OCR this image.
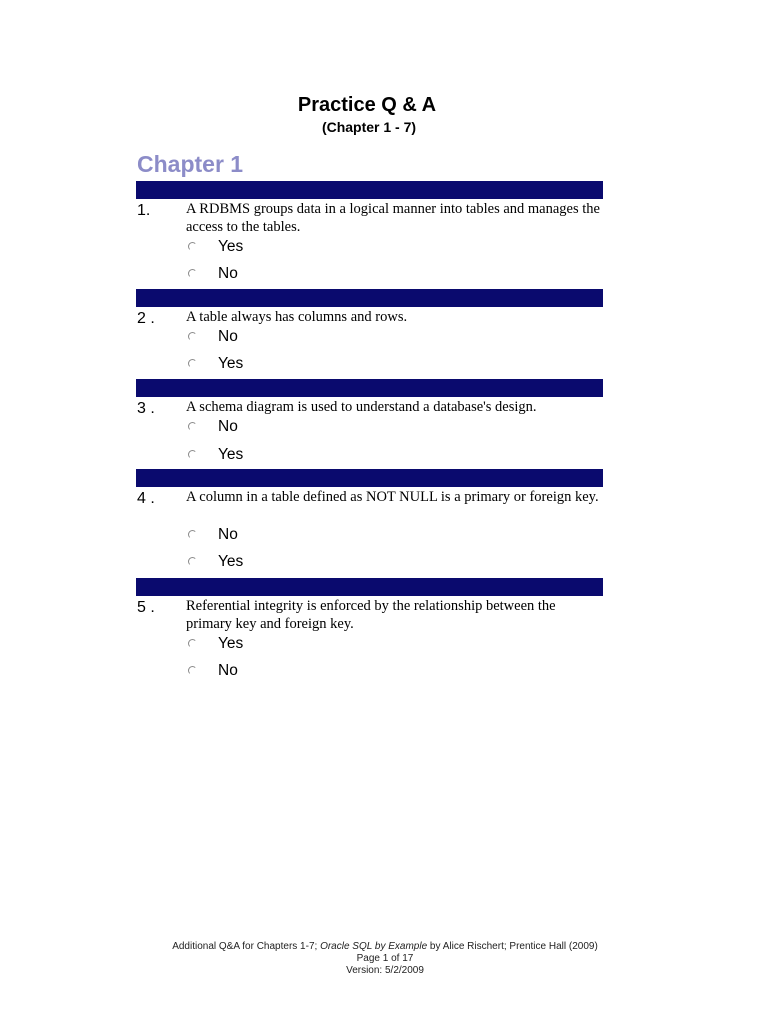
Practice Q & A
(Chapter 1 - 7)
Chapter 1
1. A RDBMS groups data in a logical manner into tables and manages the access to the tables.
Yes
No
2 . A table always has columns and rows.
No
Yes
3 . A schema diagram is used to understand a database's design.
No
Yes
4 . A column in a table defined as NOT NULL is a primary or foreign key.
No
Yes
5 . Referential integrity is enforced by the relationship between the primary key and foreign key.
Yes
No
Additional Q&A for Chapters 1-7; Oracle SQL by Example by Alice Rischert; Prentice Hall (2009)
Page 1 of 17
Version: 5/2/2009
